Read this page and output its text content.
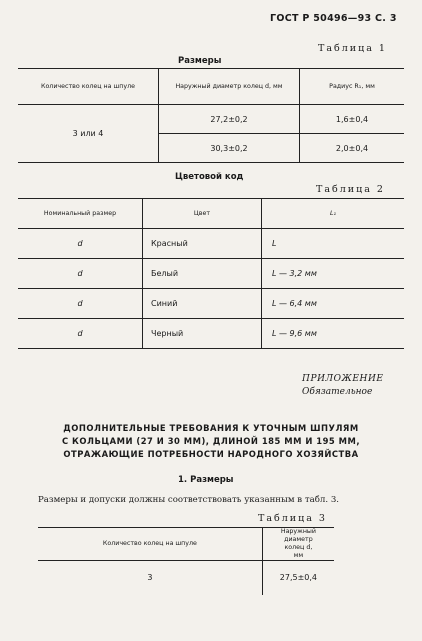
ГОСТ Р 50496—93 С. 3
Таблица 1
Размеры
Количество колец на шпуле	Наружный диаметр колец d, мм	Радиус R₁, мм
3 или 4	27,2±0,2	1,6±0,4
	30,3±0,2	2,0±0,4
Цветовой код
Таблица 2
Номинальный размер	Цвет	L₁
d	Красный	L
d	Белый	L — 3,2 мм
d	Синий	L — 6,4 мм
d	Черный	L — 9,6 мм
ПРИЛОЖЕНИЕ
Обязательное
ДОПОЛНИТЕЛЬНЫЕ ТРЕБОВАНИЯ К УТОЧНЫМ ШПУЛЯМ
С КОЛЬЦАМИ (27 И 30 ММ), ДЛИНОЙ 185 ММ И 195 ММ,
ОТРАЖАЮЩИЕ ПОТРЕБНОСТИ НАРОДНОГО ХОЗЯЙСТВА
1. Размеры
Размеры и допуски должны соответствовать указанным в табл. 3.
Таблица 3
Количество колец на шпуле	Наружный диаметр колец d, мм
3	27,5±0,4
